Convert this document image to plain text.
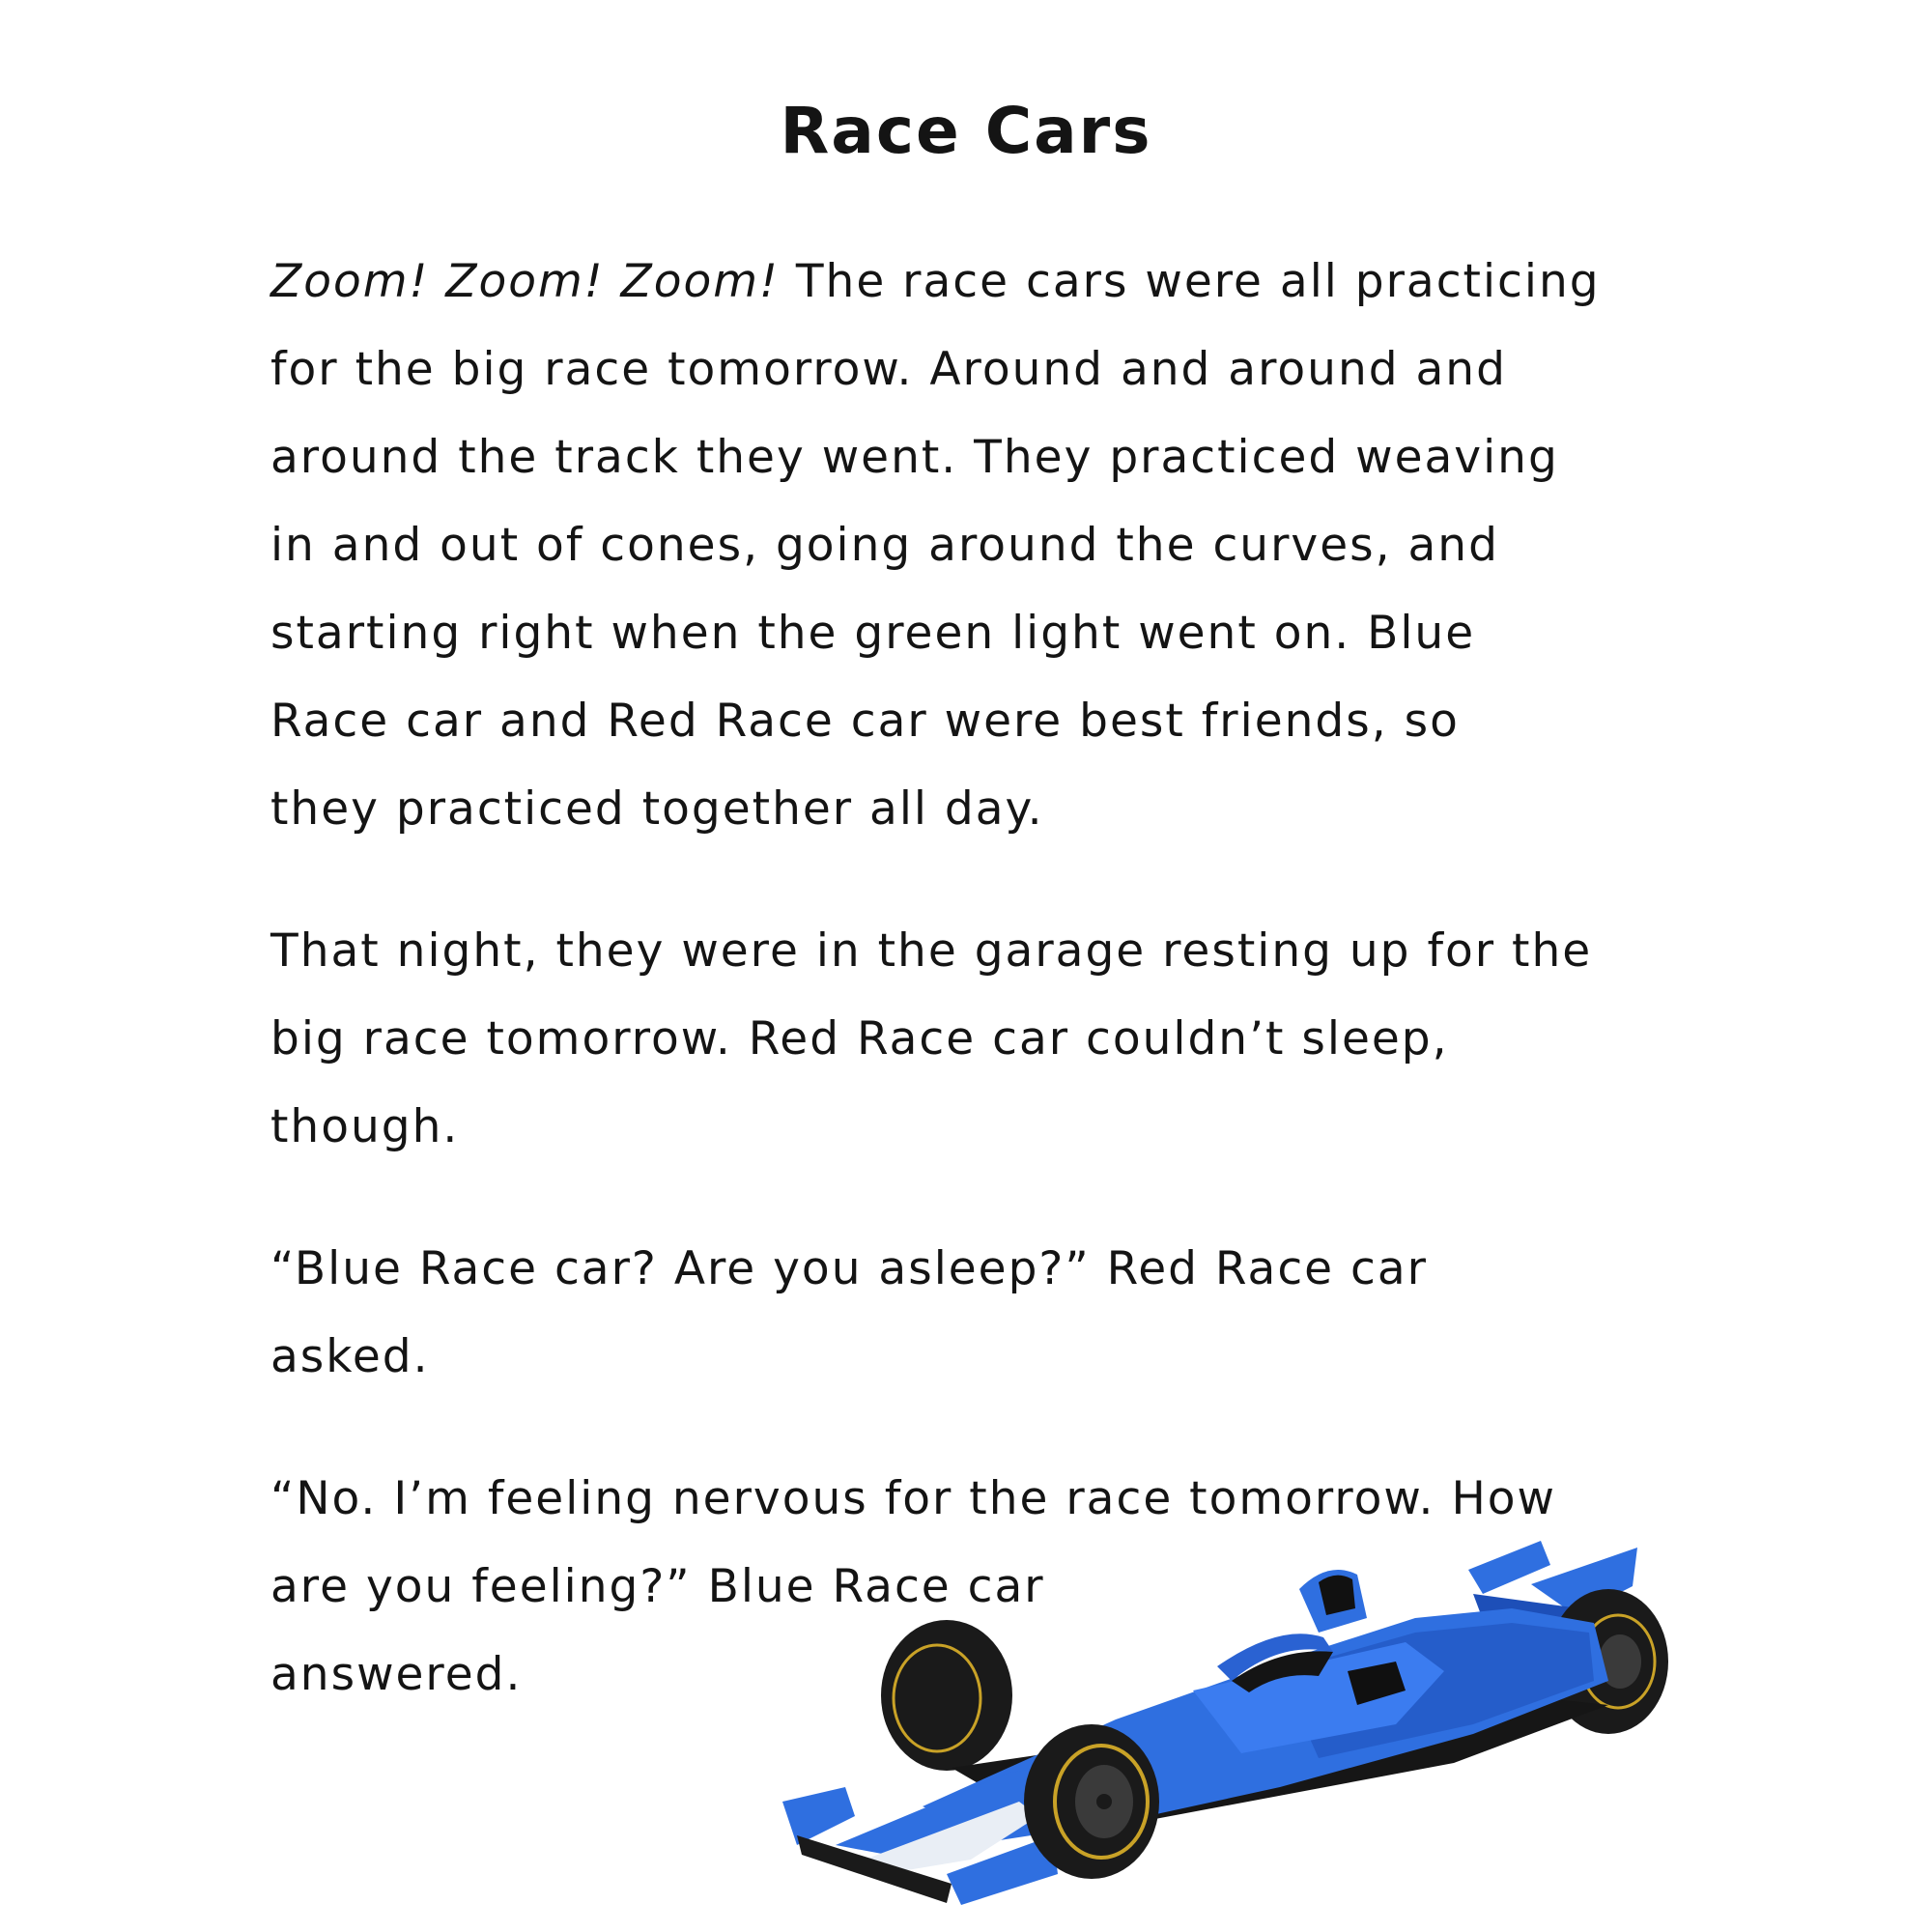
Race Cars

Zoom! Zoom! Zoom! The race cars were all practicing
for the big race tomorrow. Around and around and
around the track they went. They practiced weaving
in and out of cones, going around the curves, and
starting right when the green light went on. Blue
Race car and Red Race car were best friends, so
they practiced together all day.

That night, they were in the garage resting up for the
big race tomorrow. Red Race car couldn’t sleep,
though.

“Blue Race car? Are you asleep?” Red Race car
asked.

“No. I’m feeling nervous for the race tomorrow. How
are you feeling?” Blue Race car
answered.
